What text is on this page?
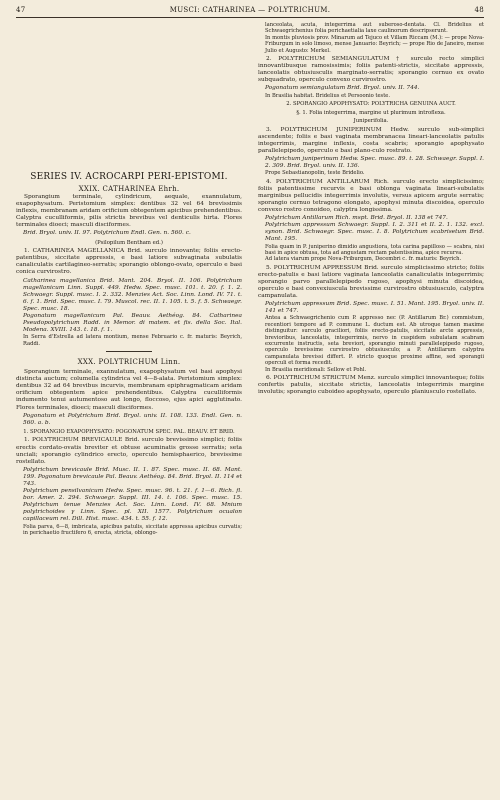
47	MUSCI: CATHARINEA — POLYTRICHUM.	48
SERIES IV. ACROCARPI PERI-EPISTOMI.
XXIX. CATHARINEA Ehrh.

Sporangium terminale, cylindricum, aequale, exannulatum, exapophysatum. Peristomium simplex: dentibus 32 vel 64 brevissimis inflexis, membranam aridam orificium obtegentem apicibus prehendentibus. Calyptra cuculliformis, pilis strictis brevibus vel denticulis hirta. Flores terminales dioeci; masculi disciformes.

Brid. Bryol. univ. II. 97. Polytrichum Endl. Gen. n. 560. c.
(Psilopilum Bentham ed.)

1. CATHARINEA MAGELLANICA Brid. surculo innovante; foliis erecto-patentibus, siccitate appressis, e basi latiore subvaginata subulatis canaliculatis cartilagineo-serratis; sporangio oblongo-ovato, operculo e basi conica curvirostro.

Catharinea magellanica Brid. Mant. 204. Bryol. II. 106. Polytrichum magellanicum Linn. Suppl. 449. Hedw. Spec. musc. 101. t. 20. f. 1. 2. Schwaegr. Suppl. musc. I. 2. 332. Menzies Act. Soc. Linn. Lond. IV. 71. t. 6. f. 1. Brid. Spec. musc. I. 79. Muscol. rec. II. 1. 105. t. 5. f. 5. Schwaegr. Spec. musc. 18.
Pogonatum magellanicum Pal. Beauv. Aethéog. 84. Catharinea Pseudopolytrichum Radd. in Memor. di matem. et fis. della Soc. Ital. Modena. XVIII. 143. t. 18. f. 1.
In Serra d'Estrella ad latera montium, mense Februario c. fr. maturis: Beyrich, Raddi.
XXX. POLYTRICHUM Linn.

Sporangium terminale, exannulatum, exapophysatum vel basi apophysi distincta auctum; columella cylindrica vel 4—8-alata. Peristomium simplex: dentibus 32 ad 64 brevibus incurvis, membranam epiphragmaticam aridam orificium obtegentem apice prehendentibus. Calyptra cuculliformis indumento tenui autumentoso aut longo, floccoso, ejus apici agglutinato. Flores terminales, dioeci; masculi disciformes.

Pogonatum et Polytrichum Brid. Bryol. univ. II. 108. 133. Endl. Gen. n. 560. a. b.
1. SPORANGIO EXAPOPHYSATO: POGONATUM SPEC. PAL. BEAUV. ET BRID.

1. POLYTRICHUM BREVICAULE Brid. surculo brevissimo simplici; foliis erectis cordato-ovatis breviter et obtuse acuminatis grosse serratis; seta unciali; sporangio cylindrico erecto, operculo hemisphaerico, brevissime rostellato.

Polytrichum brevicaule Brid. Musc. II. 1. 87. Spec. musc. II. 68. Mant. 199. Pogonatum brevicaule Pal. Beauv. Aethéog. 84. Brid. Bryol. II. 114 et 743.
Polytrichum pensilvanicum Hedw. Spec. musc. 96. t. 21. f. 1—6. Rich. fl. bor. Amer. 2. 294. Schwaegr. Suppl. III. 14. t. 106. Spec. musc. 15. Polytrichum tenue Menzies Act. Soc. Linn. Lond. IV. 68. Mnium polytrichoides γ Linn. Spec. pl. XII. 1577. Polytrichum ocualon capillaceum rel. Dill. Hist. musc. 434. t. 55. f. 12.
Folia parva, 6—8, imbricata, apicibus patulis, siccitate appressa apicibus curvatis; in perichaetio fructifero 6, erecta, stricta, oblongo-
lanceolata, acuta, integerrima aut suberoso-dentata. Cl. Bridelius et Schwaegrichenius folia perichaetialia laxe caulinorum descripserunt.
In montis pluviosis prov. Minarum ad Tejuco et Villam Riccam (M.): — prope Nova-Friburgum in solo limoso, mense Januario: Beyrich; — prope Rio de Janeiro, mense Julio et Augusto: Merkel.

2. POLYTRICHUM SEMIANGULATUM † surculo recto simplici innovantibusque ramosissimis; foliis patenti-strictis, siccitate appressis, lanceolatis obtusiusculis marginato-serratis; sporangio cernuo ex ovato subquadrato, operculo convexo curvirostro.

Pogonatum semiangulatum Brid. Bryol. univ. II. 744.
In Brasilia habitat. Bridelius et Persoonio teste.
2. SPORANGIO APOPHYSATO: POLYTRICHA GENUINA AUCT.
§. 1. Folia integerrima, margine ut plurimum introflexa.
Juniperifolia.

3. POLYTRICHUM JUNIPERINUM Hedw. surculo sub-simplici ascendente; foliis e basi vaginata membranacea lineari-lanceolatis patulis integerrimis, margine inflexis, costa scabris; sporangio apophysato parallelepipedo, operculo e basi plano-culo rostrato.

Polytrichum juniperinum Hedw. Spec. musc. 89. t. 28. Schwaegr. Suppl. I. 2. 309. Brid. Bryol. univ. II. 136.
Prope Sebastianopolin, teste Bridelio.

4. POLYTRICHUM ANTILLARUM Rich. surculo erecto simplicissimo; foliis patentissime recurvis e basi oblonga vaginata lineari-subulatis marginibus pellucidis integerrimis involutis, versus apicem argute serratis; sporangio cernuo tetragono elongato, apophysi minuta discoidea, operculo convexo rostro conoideo, calyptra longissima.

Polytrichum Antillarum Rich. mspt. Brid. Bryol. II. 138 et 747.
Polytrichum appressum Schwaegr. Suppl. I. 2. 311 et II. 2. 1. 132. excl. synon. Brid. Schwaegr. Spec. musc. I. 8. Polytrichum scabrisetum Brid. Mant. 195.
Folia quam in P. juniperino dimidio angustiora, tota carina papilloso — scabra, nisi basi in apice obtusa, tota ad angustam rectam patentissima, apice recurva.
Ad latera viarum prope Nova-Friburgum, Decembri c. fr. maturis: Beyrich.

5. POLYTRICHUM APPRESSUM Brid. surculo simplicissimo stricto; foliis erecto-patulis e basi latiore vaginata lanceolatis canaliculatis integerrimis; sporangio parvo parallelepipedo rugoso, apophysi minuta discoidea, operculo e basi convexiuscula brevissime curvirostro obtusiusculo, calyptra campanulata.

Polytrichum appressum Brid. Spec. musc. I. 51. Mant. 195. Bryol. univ. II. 141 et 747.
Antea a Schwaegrichenio cum P. appresso nec (P. Antillarum Br.) commistum, recentiori tempore ad P. commune L. ductum est. Ab utroque tamen maxime distinguitur: surculo graciliori, foliis erecto-patulis, siccitate arcte appressis, brevioribus, lanceolatis, integerrimis, nervo in cuspidem subulatam scabram excurrente instructis, seta breviori, sporangio minuti parallelepipedo rugoso, operculo brevissime curvirostro obtusiusculo; a P. Antillarum calyptra campanulata brevissi differt. P. stricto quoque proxime affine, sed sporangii operculi et forma recedit.
In Brasilia meridionali: Sellow et Pohl.

6. POLYTRICHUM STRICTUM Menz. surculo simplici innovanteque; foliis confertis patulis, siccitate strictis, lanceolatis integerrimis margine involutis; sporangio cuboideo apophysato, operculo planiusculo rostellato.
